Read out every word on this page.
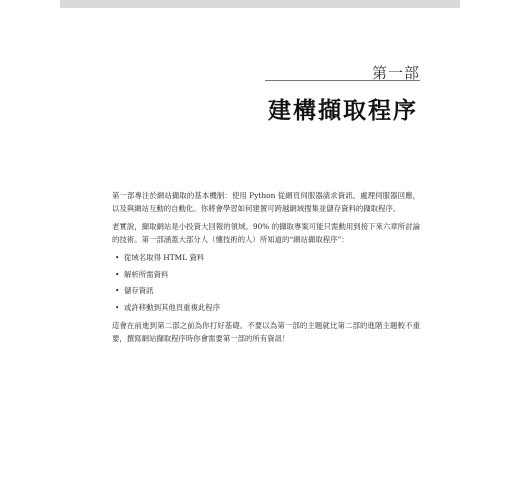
第一部
建構擷取程序

第一部專注於網站擷取的基本機制：使用 Python 從網頁伺服器請求資訊、處理伺服器回應，以及與網站互動的自動化。你將會學習如何建置可跨越網域搜集並儲存資料的擷取程序。

老實說，擷取網站是小投資大回報的領域。90% 的擷取專案可能只需動用到接下來六章所討論的技術。第一部涵蓋大部分人（懂技術的人）所知道的“網站擷取程序”：

• 從域名取得 HTML 資料
• 解析所需資料
• 儲存資訊
• 或許移動到其他頁重複此程序

這會在前進到第二部之前為你打好基礎。不要以為第一部的主題就比第二部的進階主題較不重要，撰寫網站擷取程序時你會需要第一部的所有資訊！
